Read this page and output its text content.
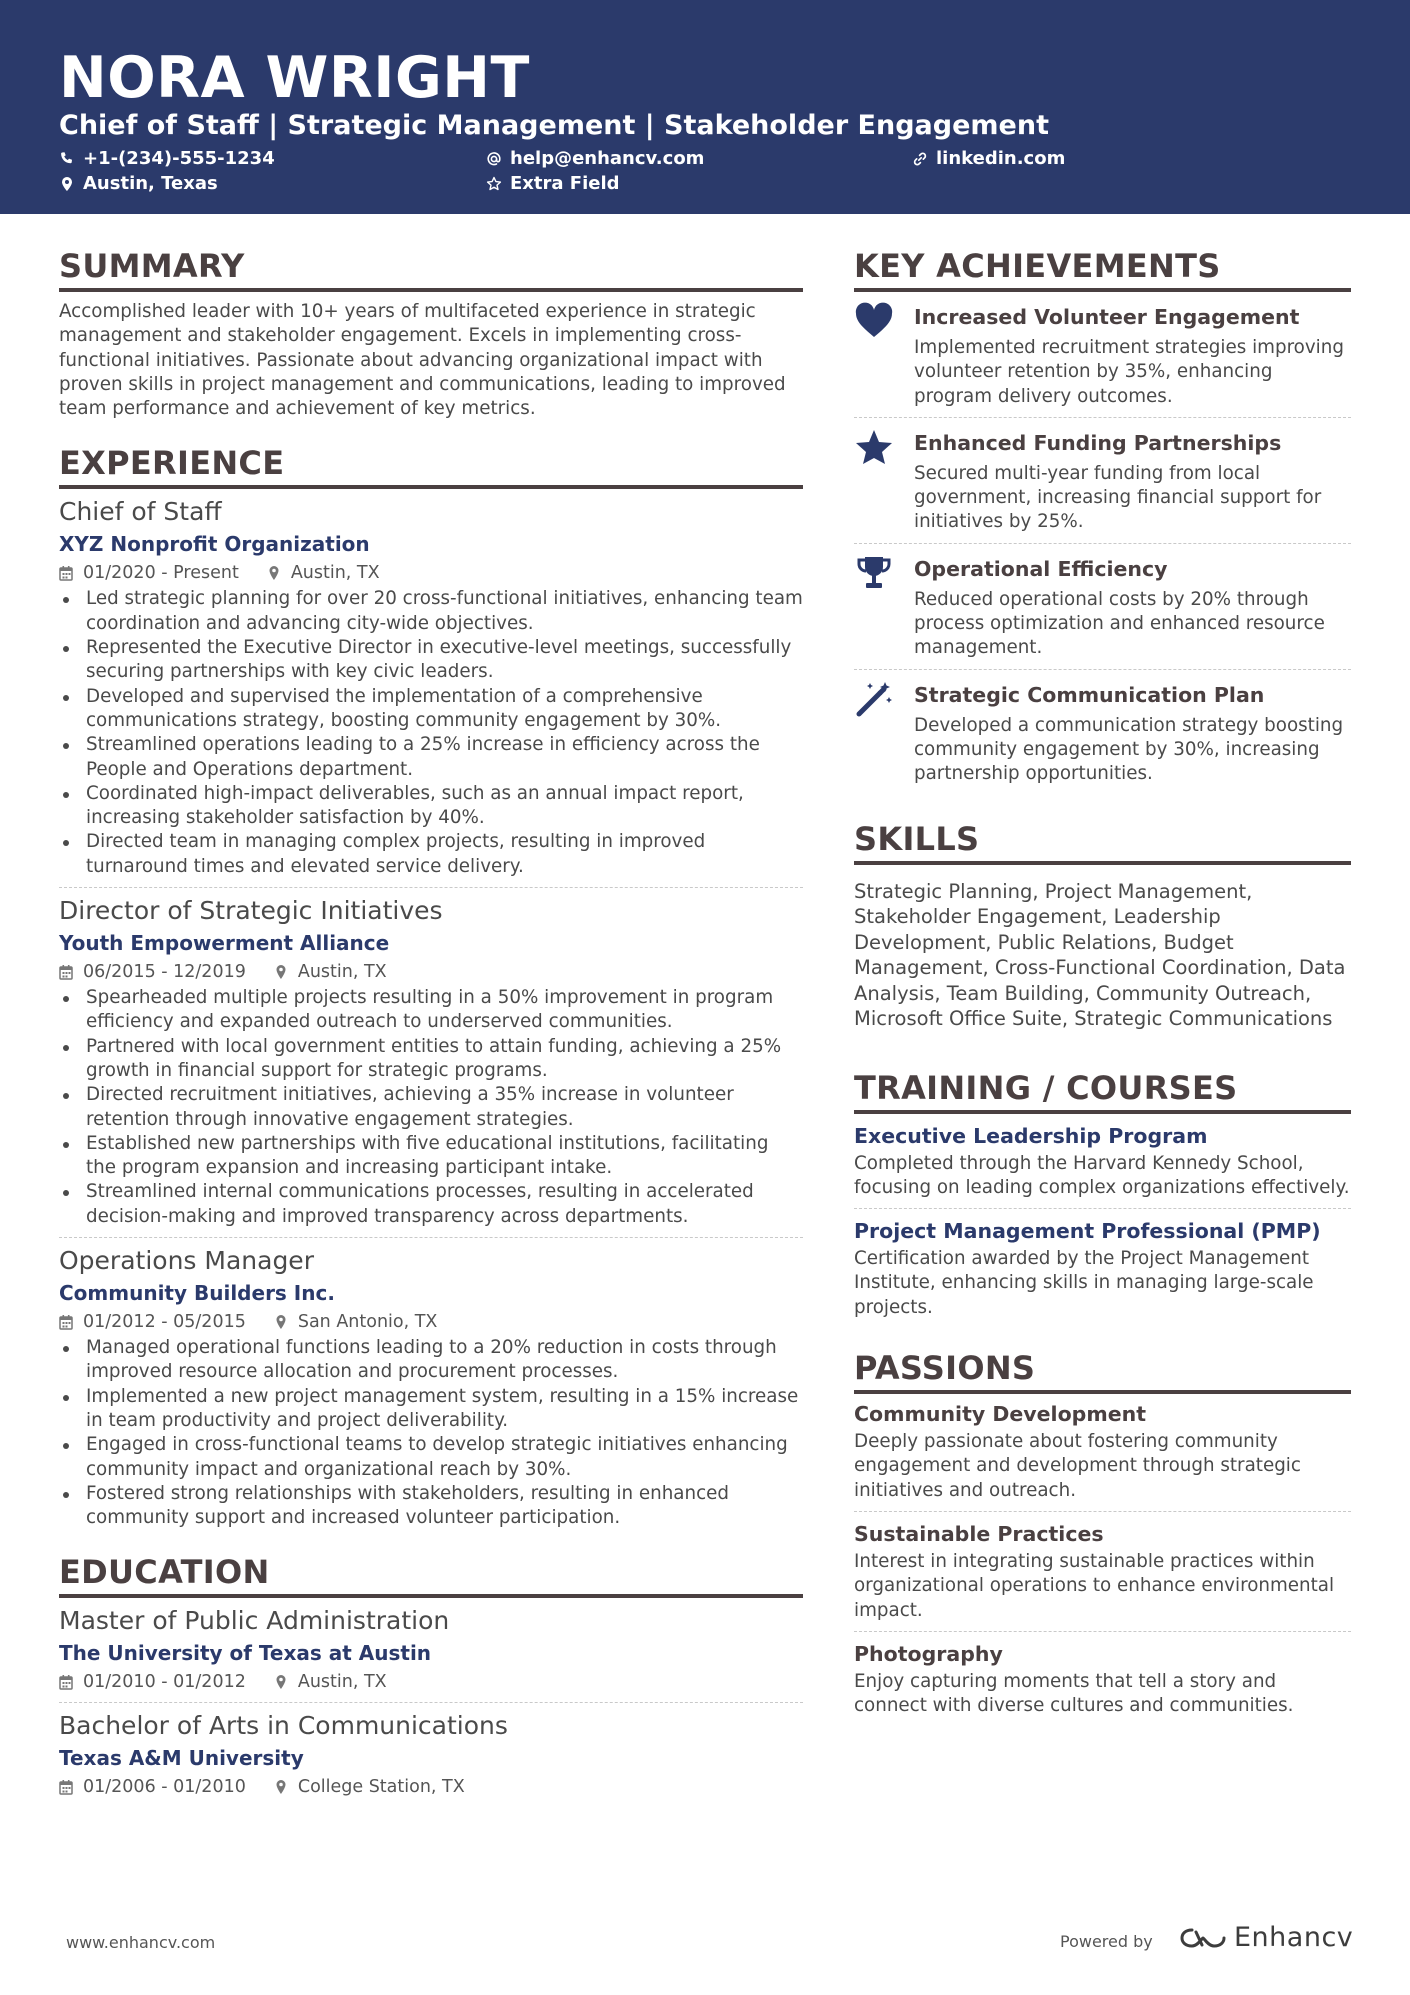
NORA WRIGHT
Chief of Staff | Strategic Management | Stakeholder Engagement
+1-(234)-555-1234	help@enhancv.com	linkedin.com
Austin, Texas	Extra Field
SUMMARY

Accomplished leader with 10+ years of multifaceted experience in strategic management and stakeholder engagement. Excels in implementing cross-functional initiatives. Passionate about advancing organizational impact with proven skills in project management and communications, leading to improved team performance and achievement of key metrics.

EXPERIENCE
Chief of Staff
XYZ Nonprofit Organization
01/2020 - Present	Austin, TX
Led strategic planning for over 20 cross-functional initiatives, enhancing team coordination and advancing city-wide objectives.
Represented the Executive Director in executive-level meetings, successfully securing partnerships with key civic leaders.
Developed and supervised the implementation of a comprehensive communications strategy, boosting community engagement by 30%.
Streamlined operations leading to a 25% increase in efficiency across the People and Operations department.
Coordinated high-impact deliverables, such as an annual impact report, increasing stakeholder satisfaction by 40%.
Directed team in managing complex projects, resulting in improved turnaround times and elevated service delivery.
Director of Strategic Initiatives
Youth Empowerment Alliance
06/2015 - 12/2019	Austin, TX
Spearheaded multiple projects resulting in a 50% improvement in program efficiency and expanded outreach to underserved communities.
Partnered with local government entities to attain funding, achieving a 25% growth in financial support for strategic programs.
Directed recruitment initiatives, achieving a 35% increase in volunteer retention through innovative engagement strategies.
Established new partnerships with five educational institutions, facilitating the program expansion and increasing participant intake.
Streamlined internal communications processes, resulting in accelerated decision-making and improved transparency across departments.
Operations Manager
Community Builders Inc.
01/2012 - 05/2015	San Antonio, TX
Managed operational functions leading to a 20% reduction in costs through improved resource allocation and procurement processes.
Implemented a new project management system, resulting in a 15% increase in team productivity and project deliverability.
Engaged in cross-functional teams to develop strategic initiatives enhancing community impact and organizational reach by 30%.
Fostered strong relationships with stakeholders, resulting in enhanced community support and increased volunteer participation.
EDUCATION
Master of Public Administration
The University of Texas at Austin
01/2010 - 01/2012	Austin, TX
Bachelor of Arts in Communications
Texas A&M University
01/2006 - 01/2010	College Station, TX
KEY ACHIEVEMENTS
Increased Volunteer Engagement
Implemented recruitment strategies improving volunteer retention by 35%, enhancing program delivery outcomes.
Enhanced Funding Partnerships
Secured multi-year funding from local government, increasing financial support for initiatives by 25%.
Operational Efficiency
Reduced operational costs by 20% through process optimization and enhanced resource management.
Strategic Communication Plan
Developed a communication strategy boosting community engagement by 30%, increasing partnership opportunities.
SKILLS
Strategic Planning, Project Management, Stakeholder Engagement, Leadership Development, Public Relations, Budget Management, Cross-Functional Coordination, Data Analysis, Team Building, Community Outreach, Microsoft Office Suite, Strategic Communications
TRAINING / COURSES
Executive Leadership Program
Completed through the Harvard Kennedy School, focusing on leading complex organizations effectively.
Project Management Professional (PMP)
Certification awarded by the Project Management Institute, enhancing skills in managing large-scale projects.
PASSIONS
Community Development
Deeply passionate about fostering community engagement and development through strategic initiatives and outreach.
Sustainable Practices
Interest in integrating sustainable practices within organizational operations to enhance environmental impact.
Photography
Enjoy capturing moments that tell a story and connect with diverse cultures and communities.
www.enhancv.com	Powered by	Enhancv
